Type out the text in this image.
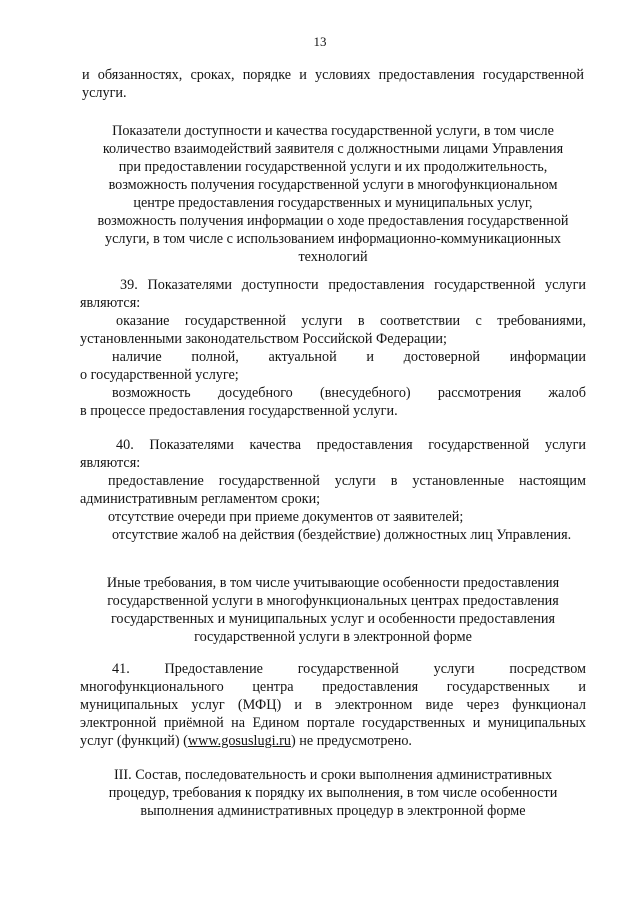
13
и обязанностях, сроках, порядке и условиях предоставления государственной
услуги.
Показатели доступности и качества государственной услуги, в том числе
количество взаимодействий заявителя с должностными лицами Управления
при предоставлении государственной услуги и их продолжительность,
возможность получения государственной услуги в многофункциональном
центре предоставления государственных и муниципальных услуг,
возможность получения информации о ходе предоставления государственной
услуги, в том числе с использованием информационно-коммуникационных
технологий
39. Показателями доступности предоставления государственной услуги
являются:
оказание государственной услуги в соответствии с требованиями,
установленными законодательством Российской Федерации;
наличие полной, актуальной и достоверной информации
о государственной услуге;
возможность досудебного (внесудебного) рассмотрения жалоб
в процессе предоставления государственной услуги.
40. Показателями качества предоставления государственной услуги
являются:
предоставление государственной услуги в установленные настоящим
административным регламентом сроки;
отсутствие очереди при приеме документов от заявителей;
отсутствие жалоб на действия (бездействие) должностных лиц Управления.
Иные требования, в том числе учитывающие особенности предоставления
государственной услуги в многофункциональных центрах предоставления
государственных и муниципальных услуг и особенности предоставления
государственной услуги в электронной форме
41. Предоставление государственной услуги посредством
многофункционального центра предоставления государственных и
муниципальных услуг (МФЦ) и в электронном виде через функционал
электронной приёмной на Едином портале государственных и муниципальных
услуг (функций) (www.gosuslugi.ru) не предусмотрено.
III. Состав, последовательность и сроки выполнения административных
процедур, требования к порядку их выполнения, в том числе особенности
выполнения административных процедур в электронной форме
